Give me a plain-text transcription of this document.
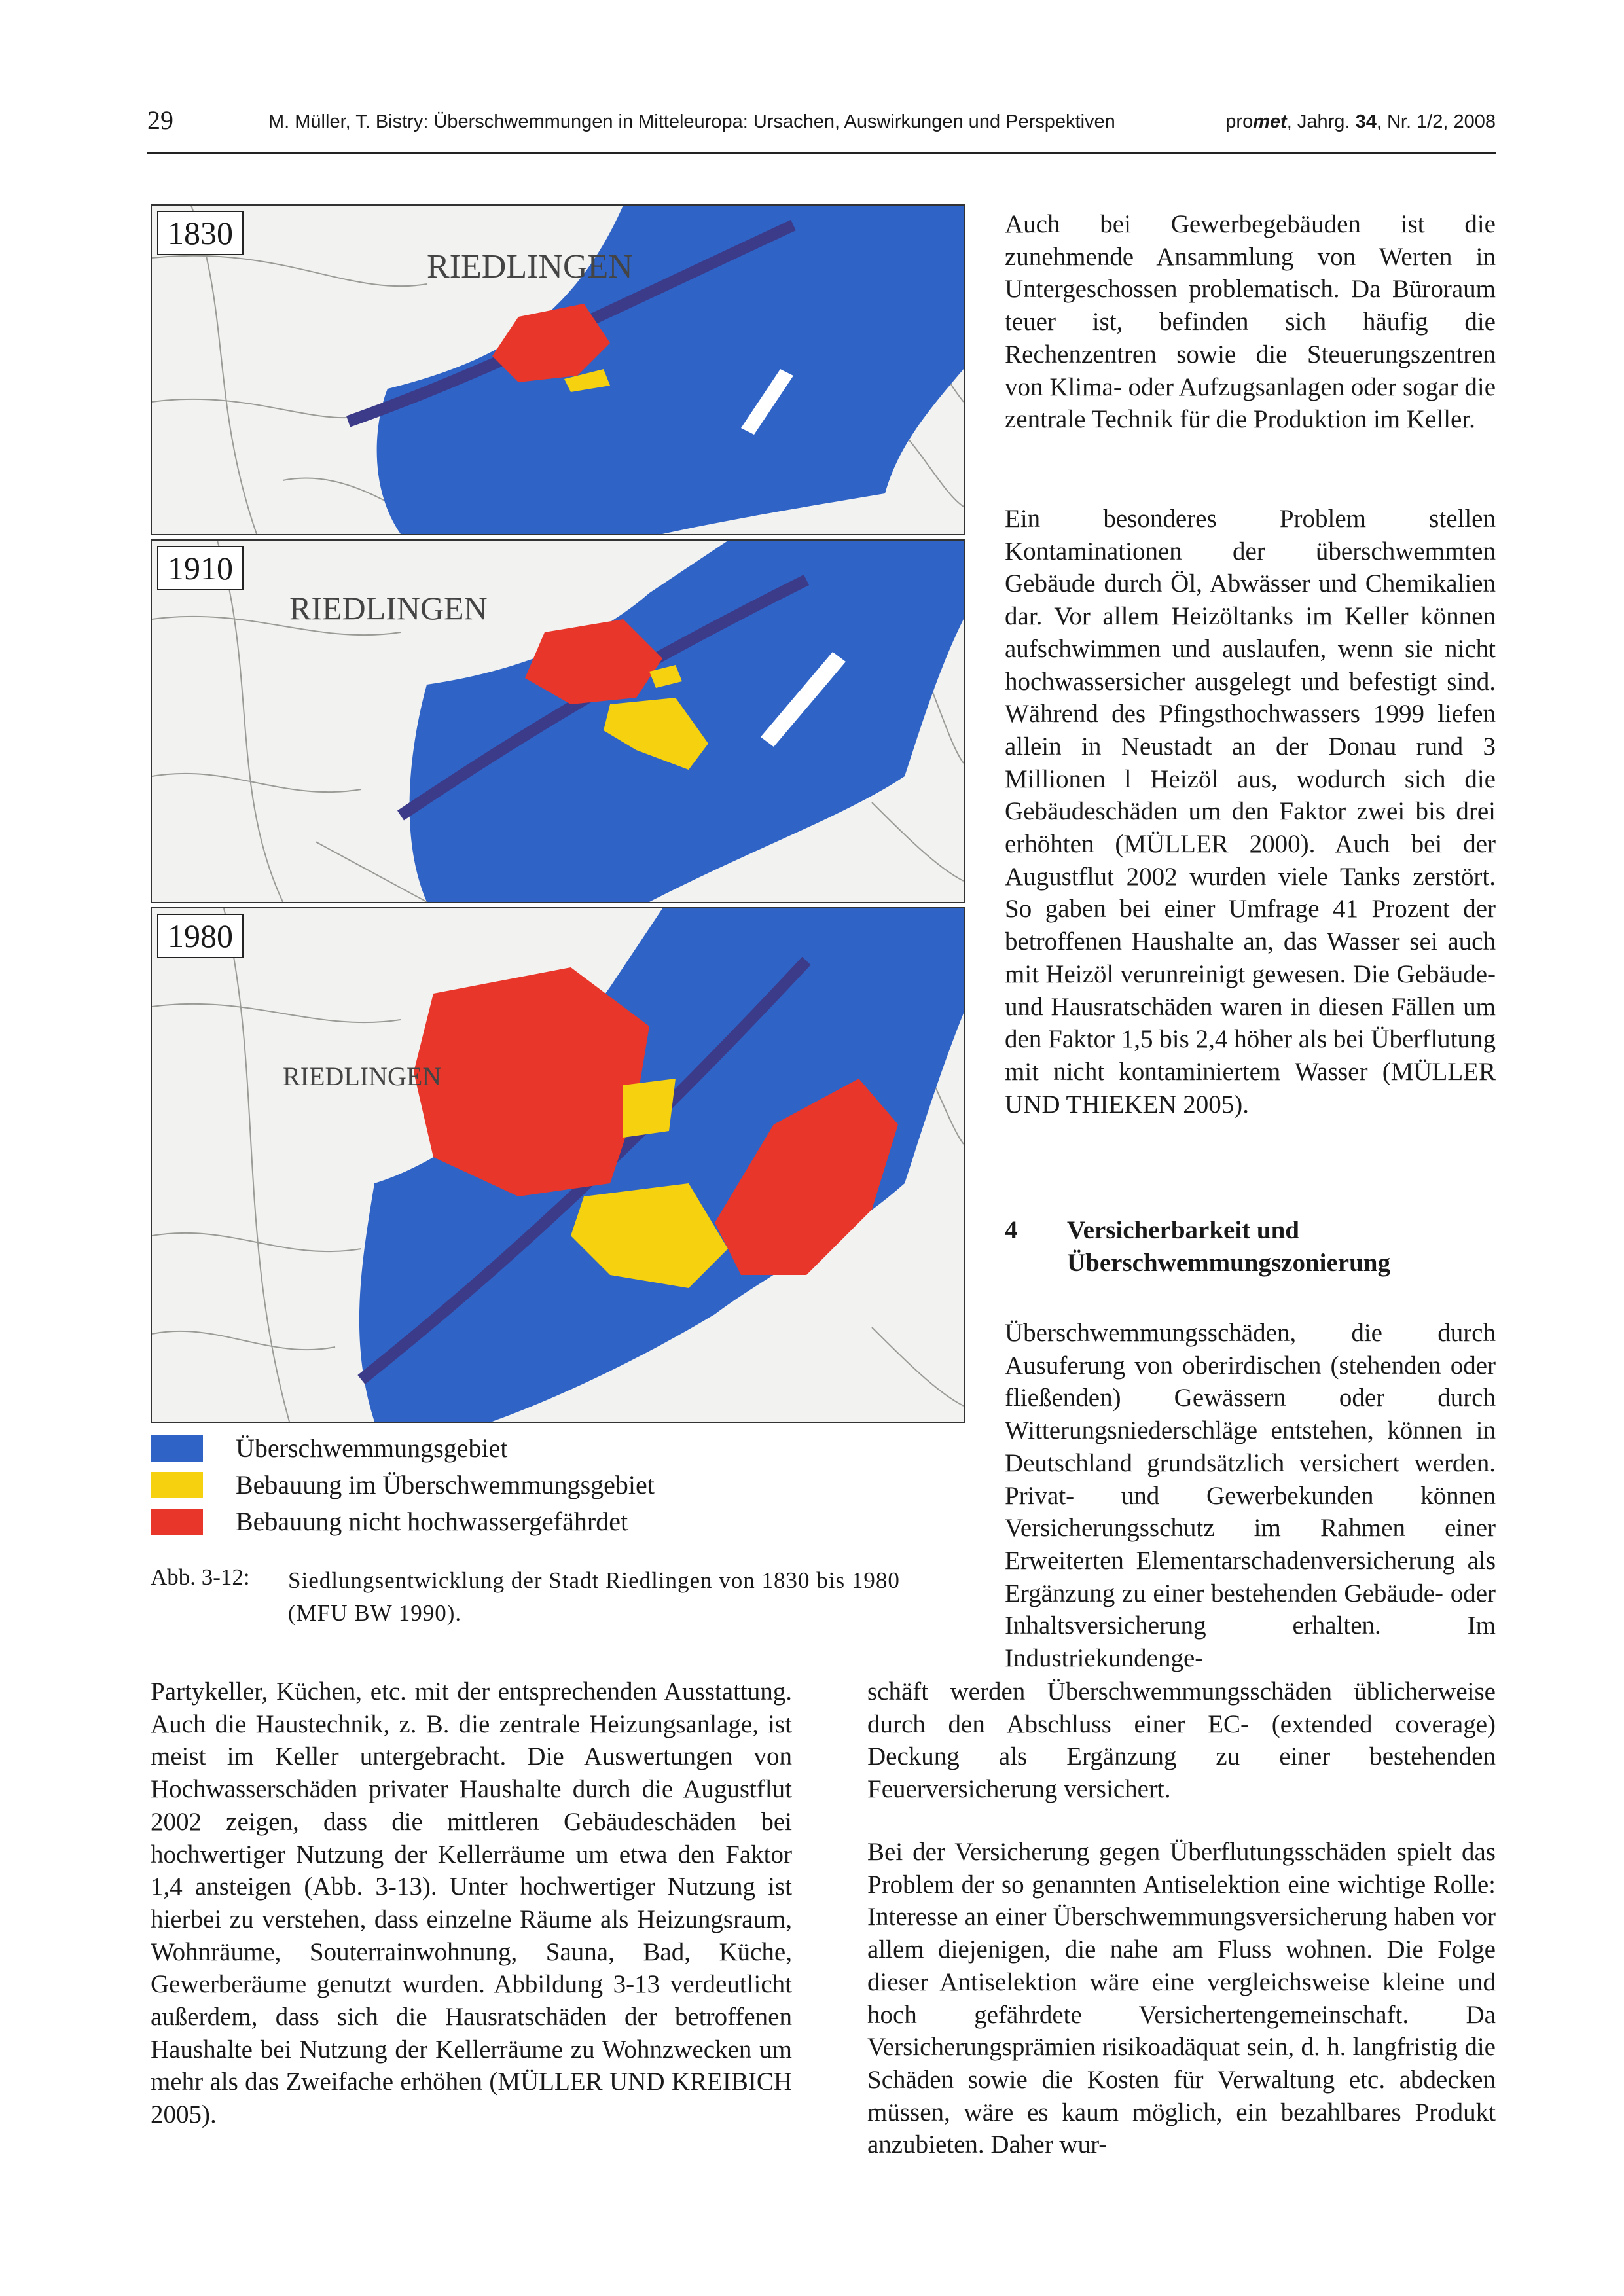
29	M. Müller, T. Bistry: Überschwemmungen in Mitteleuropa: Ursachen, Auswirkungen und Perspektiven	promet, Jahrg. 34, Nr. 1/2, 2008
RIEDLINGEN
1830
RIEDLINGEN
1910
RIEDLINGEN
1980
Überschwemmungsgebiet
Bebauung im Überschwemmungsgebiet
Bebauung nicht hochwassergefährdet
Abb. 3-12: Siedlungsentwicklung der Stadt Riedlingen von 1830 bis 1980 (MFU BW 1990).

Auch bei Gewerbegebäuden ist die zunehmende Ansammlung von Werten in Untergeschossen problematisch. Da Büroraum teuer ist, befinden sich häufig die Rechenzentren sowie die Steuerungszentren von Klima- oder Aufzugsanlagen oder sogar die zentrale Technik für die Produktion im Keller.

Ein besonderes Problem stellen Kontaminationen der überschwemmten Gebäude durch Öl, Abwässer und Chemikalien dar. Vor allem Heizöltanks im Keller können aufschwimmen und auslaufen, wenn sie nicht hochwassersicher ausgelegt und befestigt sind. Während des Pfingsthochwassers 1999 liefen allein in Neustadt an der Donau rund 3 Millionen l Heizöl aus, wodurch sich die Gebäudeschäden um den Faktor zwei bis drei erhöhten (MÜLLER 2000). Auch bei der Augustflut 2002 wurden viele Tanks zerstört. So gaben bei einer Umfrage 41 Prozent der betroffenen Haushalte an, das Wasser sei auch mit Heizöl verunreinigt gewesen. Die Gebäude- und Hausratschäden waren in diesen Fällen um den Faktor 1,5 bis 2,4 höher als bei Überflutung mit nicht kontaminiertem Wasser (MÜLLER UND THIEKEN 2005).

4 Versicherbarkeit und Überschwemmungszonierung

Überschwemmungsschäden, die durch Ausuferung von oberirdischen (stehenden oder fließenden) Gewässern oder durch Witterungsniederschläge entstehen, können in Deutschland grundsätzlich versichert werden. Privat- und Gewerbekunden können Versicherungsschutz im Rahmen einer Erweiterten Elementarschadenversicherung als Ergänzung zu einer bestehenden Gebäude- oder Inhaltsversicherung erhalten. Im Industriekundenge-

schäft werden Überschwemmungsschäden üblicherweise durch den Abschluss einer EC- (extended coverage) Deckung als Ergänzung zu einer bestehenden Feuerversicherung versichert.

Bei der Versicherung gegen Überflutungsschäden spielt das Problem der so genannten Antiselektion eine wichtige Rolle: Interesse an einer Überschwemmungsversicherung haben vor allem diejenigen, die nahe am Fluss wohnen. Die Folge dieser Antiselektion wäre eine vergleichsweise kleine und hoch gefährdete Versichertengemeinschaft. Da Versicherungsprämien risikoadäquat sein, d. h. langfristig die Schäden sowie die Kosten für Verwaltung etc. abdecken müssen, wäre es kaum möglich, ein bezahlbares Produkt anzubieten. Daher wur-

Partykeller, Küchen, etc. mit der entsprechenden Ausstattung. Auch die Haustechnik, z. B. die zentrale Heizungsanlage, ist meist im Keller untergebracht. Die Auswertungen von Hochwasserschäden privater Haushalte durch die Augustflut 2002 zeigen, dass die mittleren Gebäudeschäden bei hochwertiger Nutzung der Kellerräume um etwa den Faktor 1,4 ansteigen (Abb. 3-13). Unter hochwertiger Nutzung ist hierbei zu verstehen, dass einzelne Räume als Heizungsraum, Wohnräume, Souterrainwohnung, Sauna, Bad, Küche, Gewerberäume genutzt wurden. Abbildung 3-13 verdeutlicht außerdem, dass sich die Hausratschäden der betroffenen Haushalte bei Nutzung der Kellerräume zu Wohnzwecken um mehr als das Zweifache erhöhen (MÜLLER UND KREIBICH 2005).
